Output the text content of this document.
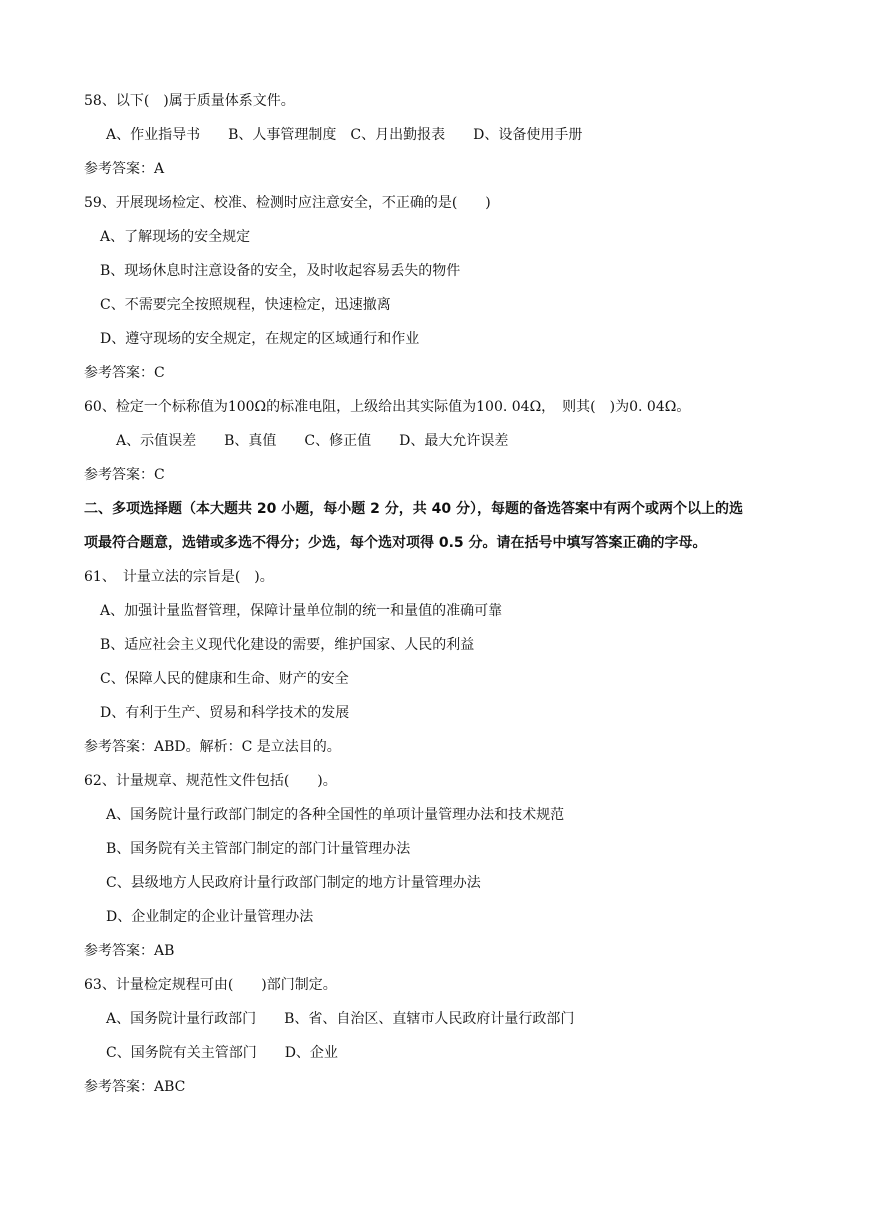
58、以下(　)属于质量体系文件。
A、作业指导书　　B、人事管理制度　C、月出勤报表　　D、设备使用手册
参考答案：A
59、开展现场检定、校准、检测时应注意安全，不正确的是(　　)
A、了解现场的安全规定
B、现场休息时注意设备的安全，及时收起容易丢失的物件
C、不需要完全按照规程，快速检定，迅速撤离
D、遵守现场的安全规定，在规定的区域通行和作业
参考答案：C
60、检定一个标称值为100Ω的标准电阻，上级给出其实际值为100. 04Ω，　则其(　)为0. 04Ω。
A、示值误差　　B、真值　　C、修正值　　D、最大允许误差
参考答案：C
二、多项选择题（本大题共 20 小题，每小题 2 分，共 40 分），每题的备选答案中有两个或两个以上的选
项最符合题意，选错或多选不得分；少选，每个选对项得 0.5 分。请在括号中填写答案正确的字母。
61、　计量立法的宗旨是(　)。
A、加强计量监督管理，保障计量单位制的统一和量值的准确可靠
B、适应社会主义现代化建设的需要，维护国家、人民的利益
C、保障人民的健康和生命、财产的安全
D、有利于生产、贸易和科学技术的发展
参考答案：ABD。解析：C 是立法目的。
62、计量规章、规范性文件包括(　　)。
A、国务院计量行政部门制定的各种全国性的单项计量管理办法和技术规范
B、国务院有关主管部门制定的部门计量管理办法
C、县级地方人民政府计量行政部门制定的地方计量管理办法
D、企业制定的企业计量管理办法
参考答案：AB
63、计量检定规程可由(　　)部门制定。
A、国务院计量行政部门　　B、省、自治区、直辖市人民政府计量行政部门
C、国务院有关主管部门　　D、企业
参考答案：ABC
